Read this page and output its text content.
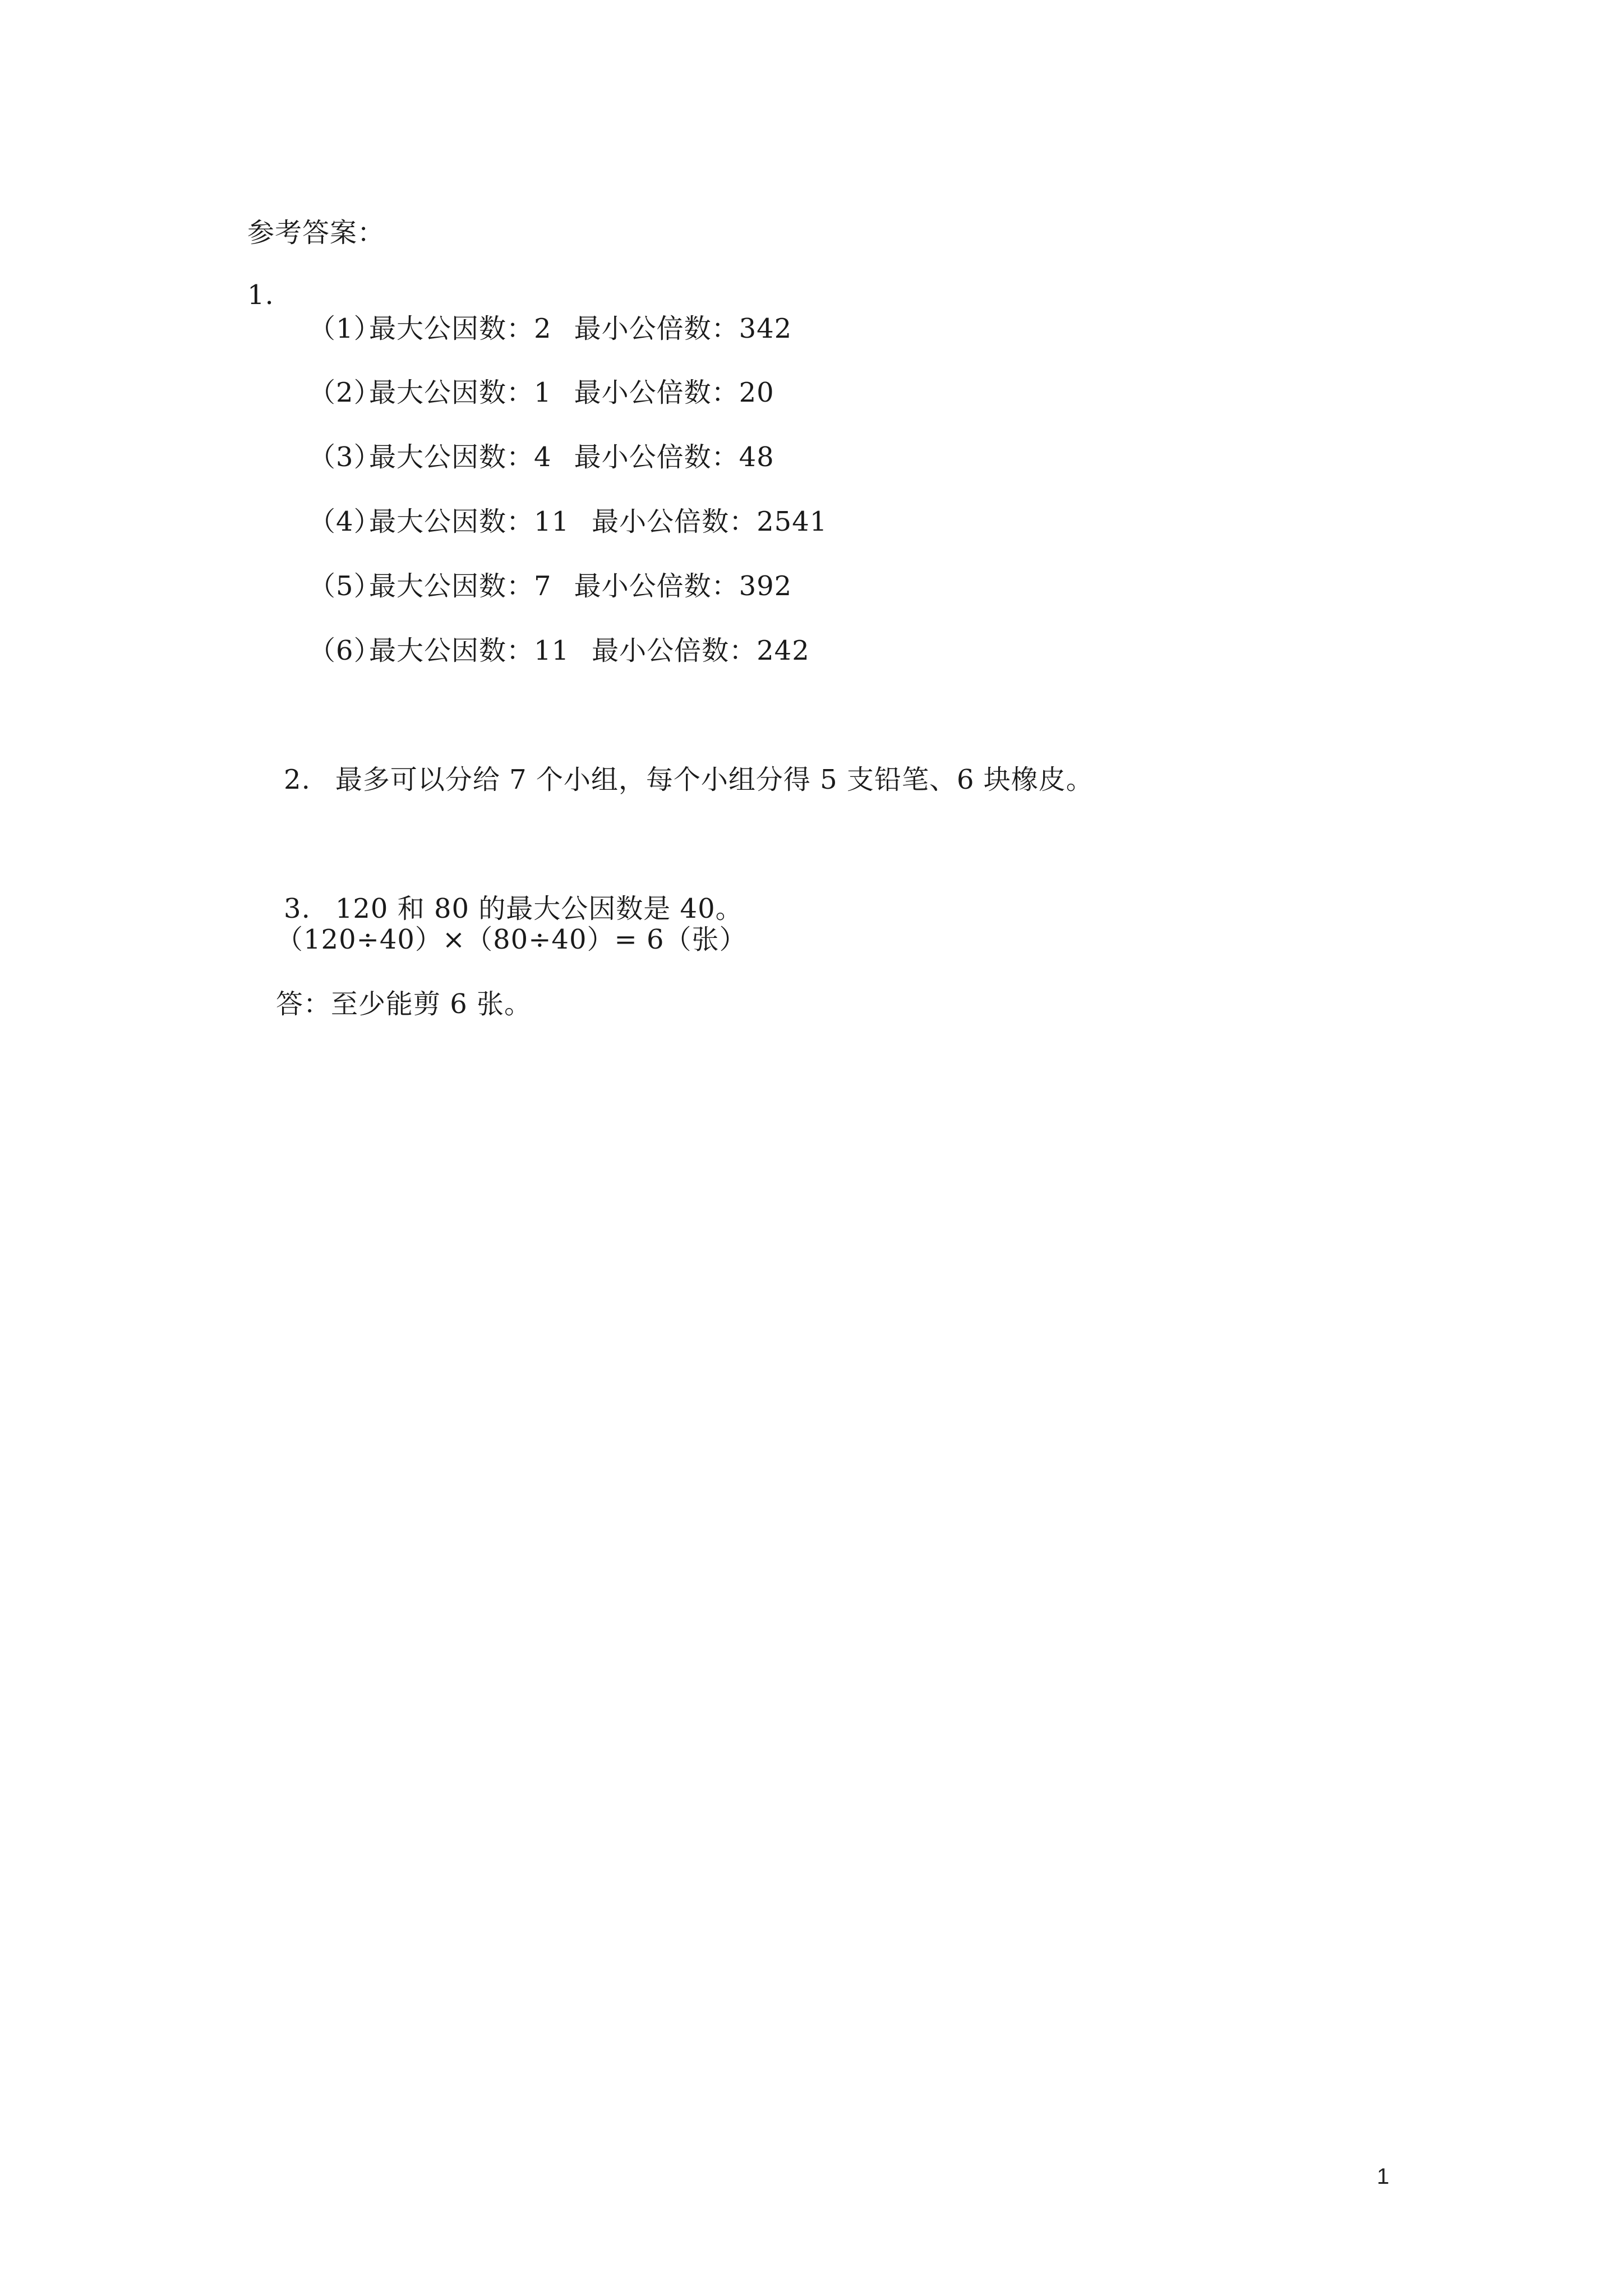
参考答案：
1.

（1）最大公因数：2 最小公倍数：342

（2）最大公因数：1 最小公倍数：20

（3）最大公因数：4 最小公倍数：48

（4）最大公因数：11 最小公倍数：2541

（5）最大公因数：7 最小公倍数：392

（6）最大公因数：11 最小公倍数：242

2. 最多可以分给 7 个小组，每个小组分得 5 支铅笔、6 块橡皮。

3. 120 和 80 的最大公因数是 40。

（120÷40）×（80÷40）= 6（张）
答：至少能剪 6 张。
1
